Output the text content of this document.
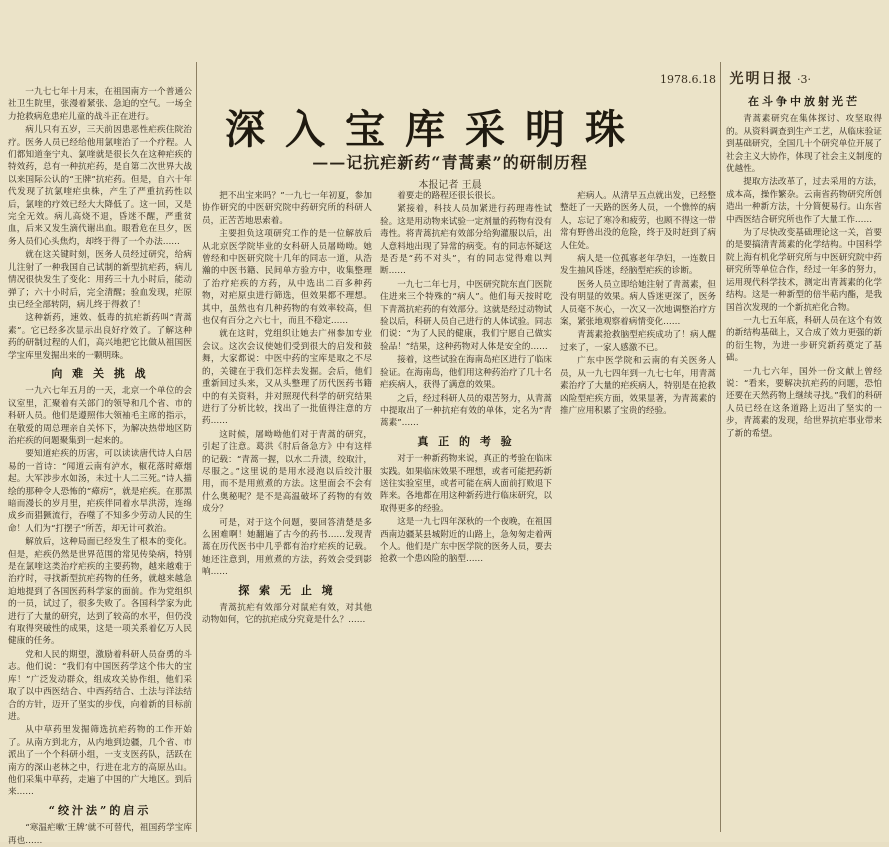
1978.6.18 光明日报 ·3·
深入宝库采明珠
——记抗疟新药“青蒿素”的研制历程
本报记者 王晨

一九七七年十月末，在祖国南方一个普通公社卫生院里，张漫着紧张、急迫的空气。一场全力抢救病危患疟儿童的战斗正在进行。

病儿只有五岁，三天前因患恶性疟疾住院治疗。医务人员已经给他用氯喹治了一个疗程。人们都知道奎宁丸、氯喹就是很长久在这种疟疾的特效药，总有一种抗疟药，是自第二次世界大战以来国际公认的“王牌”抗疟药。但是，自六十年代发现了抗氯喹疟虫株，产生了严重抗药性以后，氯喹的疗效已经大大降低了。这一回，又是完全无效。病儿高烧不退，昏迷不醒，严重贫血，后来又发生滴代谢出血。眼看危在旦夕，医务人员们心头焦灼，却终于得了一个办法……

就在这关键时刻，医务人员经过研究，给病儿注射了一种我国自己试制的新型抗疟药，病儿情况很快发生了变化：用药三十九小时后，能动弹了；六十小时后，完全清醒；验血发现，疟原虫已经全部转阴，病儿终于得救了！

这种新药，速效、低毒的抗疟新药叫“青蒿素”。它已经多次显示出良好疗效了。了解这种药的研制过程的人们，高兴地把它比做从祖国医学宝库里发掘出来的一颗明珠。

向 难 关 挑 战

一九六七年五月的一天，北京一个单位的会议室里，汇聚着有关部门的领导和几个省、市的科研人员。他们是遵照伟大领袖毛主席的指示，在敬爱的周总理亲自关怀下，为解决热带地区防治疟疾的问题聚集到一起来的。

要知道疟疾的历害，可以读读唐代诗人白居易的一首诗：“闻道云南有泸水，椒花落时瘴烟起。大军涉步水如汤，未过十人二三死。”诗人描绘的那种令人恐怖的“瘴疠”，就是疟疾。在那黑暗而漫长的岁月里，疟疾伴同着水旱洪涝，连绵成乡而猖獗流行，吞噬了不知多少劳动人民的生命！人们为“打摆子”所苦，却无计可救治。

解放后，这种局面已经发生了根本的变化。但是，疟疾仍然是世界范围的常见传染病，特别是在氯喹这类治疗疟疾的主要药物，越来越难于治疗时，寻找新型抗疟药物的任务，就越来越急迫地提到了各国医药科学家的面前。作为党组织的一员，试过了，很多失败了。各国科学家为此进行了大量的研究，达到了较高的水平，但仍没有取得突破性的成果，这是一项关系着亿万人民健康的任务。

党和人民的期望，激励着科研人员奋勇的斗志。他们说：“我们有中国医药学这个伟大的宝库！”广泛发动群众，组成攻关协作组，他们采取了以中西医结合、中西药结合、土法与洋法结合的方针，迈开了坚实的步伐，向着新的目标前进。

从中草药里发掘筛选抗疟药物的工作开始了。从南方到北方，从内地到边疆，几个省、市派出了一个个科研小组，一支支医药队，活跃在南方的深山老林之中，行进在北方的高原丛山。他们采集中草药，走遍了中国的广大地区。到后来……

“绞汁法”的启示

“寒温疟嗽‘王牌’就不可替代，祖国药学宝库再也……

把不出宝来吗？”一九七一年初夏，参加协作研究的中医研究院中药研究所的科研人员，正苦苦地思索着。

主要担负这项研究工作的是一位解放后从北京医学院毕业的女科研人员屠呦呦。她曾经和中医研究院十几年的同志一道，从浩瀚的中医书籍、民间单方验方中，收集整理了治疗疟疾的方药，从中选出二百多种药物，对疟原虫进行筛选，但效果都不理想。其中，虽然也有几种药物的有效率较高，但也仅有百分之六七十，而且不稳定……

就在这时，党组织让她去广州参加专业会议。这次会议使她们受到很大的启发和鼓舞，大家都说：中医中药的宝库是取之不尽的，关键在于我们怎样去发掘。会后，他们重新回过头来，又从头整理了历代医药书籍中的有关资料，并对照现代科学的研究结果进行了分析比较，找出了一批值得注意的方药……

这时候，屠呦呦他们对于青蒿的研究，引起了注意。葛洪《肘后备急方》中有这样的记载：“青蒿一握，以水二升渍，绞取汁，尽服之。”这里说的是用水浸泡以后绞汁服用，而不是用煎煮的方法。这里面会不会有什么奥秘呢？是不是高温破坏了药物的有效成分？

可是，对于这个问题，要回答清楚是多么困难啊！她翻遍了古今的药书……发现青蒿在历代医书中几乎都有治疗疟疾的记载。她还注意到，用煎煮的方法，药效会受到影响……

探 索 无 止 境

青蒿抗疟有效部分对鼠疟有效，对其他动物如何，它的抗疟成分究竟是什么？……

着要走的路程还很长很长。

紧接着，科技人员加紧进行药理毒性试验。这是用动物来试验一定剂量的药物有没有毒性。将青蒿抗疟有效部分给狗灌服以后，出人意料地出现了异常的病变。有的同志怀疑这是否是“药不对头”，有的同志觉得难以判断……

一九七二年七月，中医研究院东直门医院住进来三个特殊的“病人”。他们每天按时吃下青蒿抗疟药的有效部分。这就是经过动物试验以后，科研人员自己进行的人体试验。同志们说：“为了人民的健康，我们宁愿自己做实验品！”结果，这种药物对人体是安全的……

接着，这些试验在海南岛疟区进行了临床验证。在海南岛，他们用这种药治疗了几十名疟疾病人，获得了满意的效果。

之后，经过科研人员的艰苦努力，从青蒿中提取出了一种抗疟有效的单体，定名为“青蒿素”……

真 正 的 考 验

对于一种新药物来说，真正的考验在临床实践。如果临床效果不理想，或者可能把药新送往实验室里，或者可能在病人面前打败退下阵来。各地都在用这种新药进行临床研究，以取得更多的经验。

这是一九七四年深秋的一个夜晚，在祖国西南边疆某县城附近的山路上，急匆匆走着两个人。他们是广东中医学院的医务人员，要去抢救一个患凶险的脑型……

疟病人。从清早五点就出发，已经整整赶了一天路的医务人员，一个憔悴的病人，忘记了寒冷和疲劳，也顾不得这一带常有野兽出没的危险，终于及时赶到了病人住处。

病人是一位孤寡老年孕妇，一连数日发生抽风昏迷，经脑型疟疾的诊断。

医务人员立即给她注射了青蒿素，但没有明显的效果。病人昏迷更深了，医务人员毫不灰心，一次又一次地调整治疗方案，紧张地观察着病情变化……

青蒿素抢救脑型疟疾成功了！病人醒过来了，一家人感激不已。

广东中医学院和云南的有关医务人员，从一九七四年到一九七七年，用青蒿素治疗了大量的疟疾病人，特别是在抢救凶险型疟疾方面，效果显著，为青蒿素的推广应用积累了宝贵的经验。

在斗争中放射光芒

青蒿素研究在集体探讨、攻坚取得的。从资料调查到生产工艺，从临床验证到基础研究，全国几十个研究单位开展了社会主义大协作，体现了社会主义制度的优越性。

提取方法改革了，过去采用的方法，成本高，操作繁杂。云南省药物研究所创造出一种新方法，十分简便易行。山东省中西医结合研究所也作了大量工作……

为了尽快改变基础理论这一关，首要的是要搞清青蒿素的化学结构。中国科学院上海有机化学研究所与中医研究院中药研究所等单位合作，经过一年多的努力，运用现代科学技术，测定出青蒿素的化学结构。这是一种新型的倍半萜内酯，是我国首次发现的一个新抗疟化合物。

一九七五年底，科研人员在这个有效的新结构基础上，又合成了效力更强的新的衍生物，为进一步研究新药奠定了基础。

一九七六年，国外一份文献上曾经说：“看来，要解决抗疟药的问题，恐怕还要在天然药物上继续寻找。”我们的科研人员已经在这条道路上迈出了坚实的一步，青蒿素的发现，给世界抗疟事业带来了新的希望。
